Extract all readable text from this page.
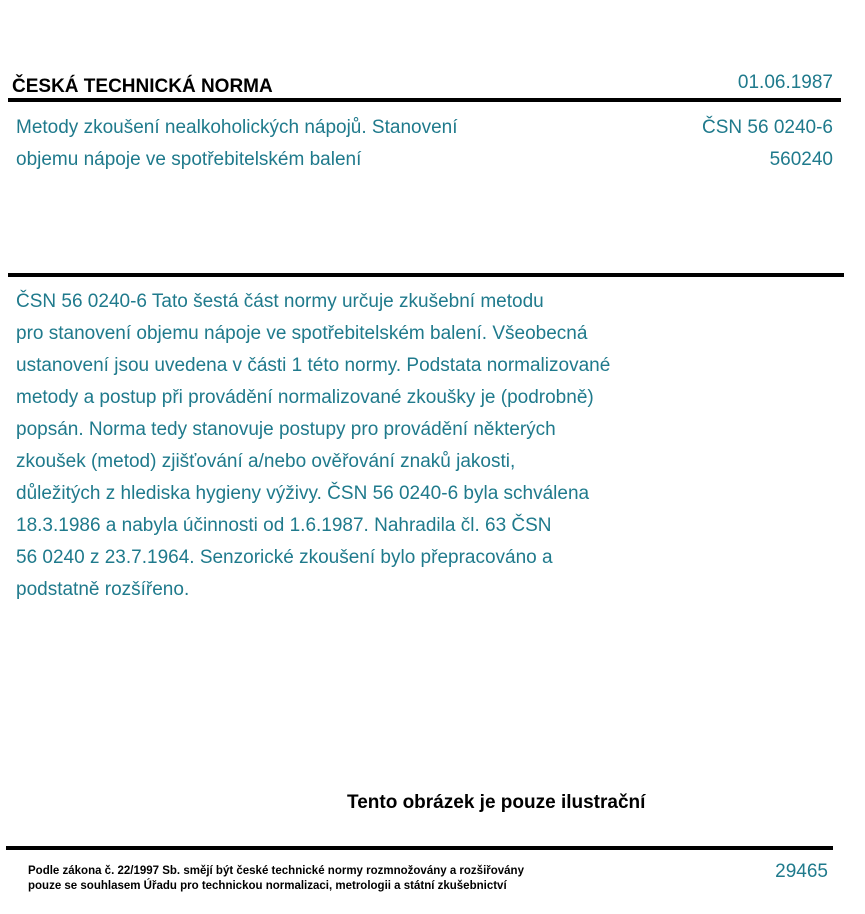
ČESKÁ TECHNICKÁ NORMA	01.06.1987
Metody zkoušení nealkoholických nápojů. Stanovení
objemu nápoje ve spotřebitelském balení
ČSN 56 0240-6
560240
ČSN 56 0240-6 Tato šestá část normy určuje zkušební metodu
pro stanovení objemu nápoje ve spotřebitelském balení. Všeobecná
ustanovení jsou uvedena v části 1 této normy. Podstata normalizované
metody a postup při provádění normalizované zkoušky je (podrobně)
popsán. Norma tedy stanovuje postupy pro provádění některých
zkoušek (metod) zjišťování a/nebo ověřování znaků jakosti,
důležitých z hlediska hygieny výživy. ČSN 56 0240-6 byla schválena
18.3.1986 a nabyla účinnosti od 1.6.1987. Nahradila čl. 63 ČSN
56 0240 z 23.7.1964. Senzorické zkoušení bylo přepracováno a
podstatně rozšířeno.
Tento obrázek je pouze ilustrační
Podle zákona č. 22/1997 Sb. smějí být české technické normy rozmnožovány a rozšiřovány
pouze se souhlasem Úřadu pro technickou normalizaci, metrologii a státní zkušebnictví
29465
